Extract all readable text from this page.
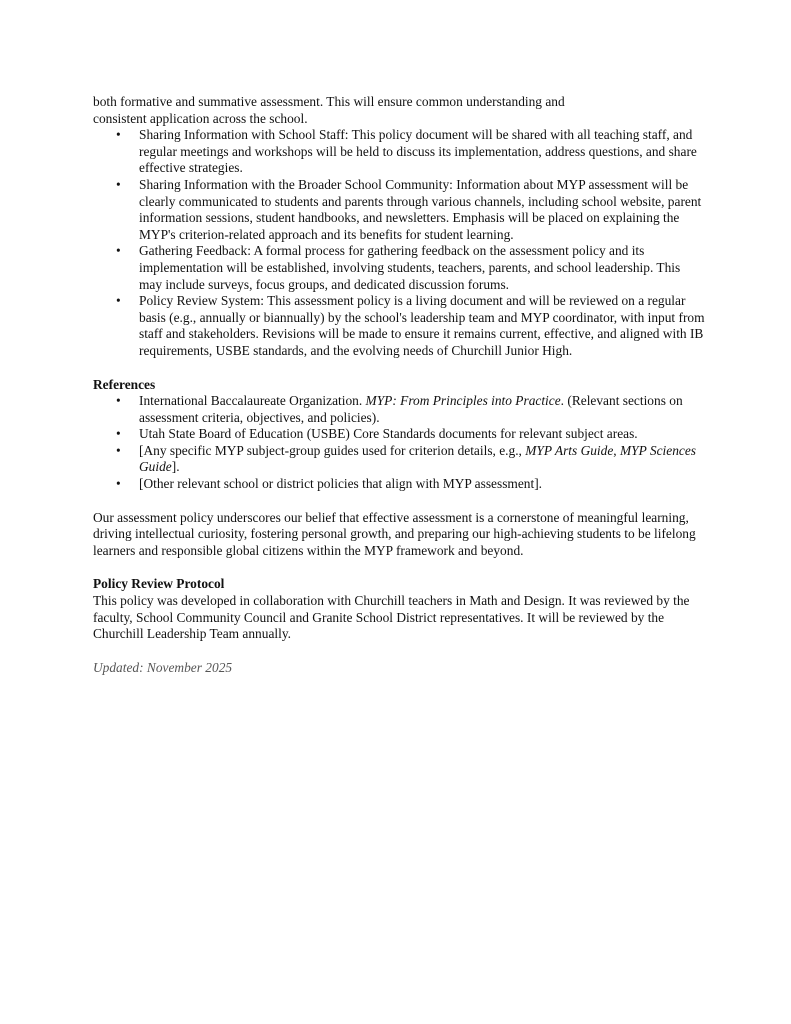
both formative and summative assessment. This will ensure common understanding and
consistent application across the school.

•	Sharing Information with School Staff: This policy document will be shared with all teaching staff, and regular meetings and workshops will be held to discuss its implementation, address questions, and share effective strategies.
•	Sharing Information with the Broader School Community: Information about MYP assessment will be clearly communicated to students and parents through various channels, including school website, parent information sessions, student handbooks, and newsletters. Emphasis will be placed on explaining the MYP's criterion-related approach and its benefits for student learning.
•	Gathering Feedback: A formal process for gathering feedback on the assessment policy and its implementation will be established, involving students, teachers, parents, and school leadership. This may include surveys, focus groups, and dedicated discussion forums.
•	Policy Review System: This assessment policy is a living document and will be reviewed on a regular basis (e.g., annually or biannually) by the school's leadership team and MYP coordinator, with input from staff and stakeholders. Revisions will be made to ensure it remains current, effective, and aligned with IB requirements, USBE standards, and the evolving needs of Churchill Junior High.

References

•	International Baccalaureate Organization. MYP: From Principles into Practice. (Relevant sections on assessment criteria, objectives, and policies).
•	Utah State Board of Education (USBE) Core Standards documents for relevant subject areas.
•	[Any specific MYP subject-group guides used for criterion details, e.g., MYP Arts Guide, MYP Sciences Guide].
•	[Other relevant school or district policies that align with MYP assessment].

Our assessment policy underscores our belief that effective assessment is a cornerstone of meaningful learning, driving intellectual curiosity, fostering personal growth, and preparing our high-achieving students to be lifelong learners and responsible global citizens within the MYP framework and beyond.

Policy Review Protocol

This policy was developed in collaboration with Churchill teachers in Math and Design. It was reviewed by the faculty, School Community Council and Granite School District representatives. It will be reviewed by the Churchill Leadership Team annually.

Updated: November 2025
